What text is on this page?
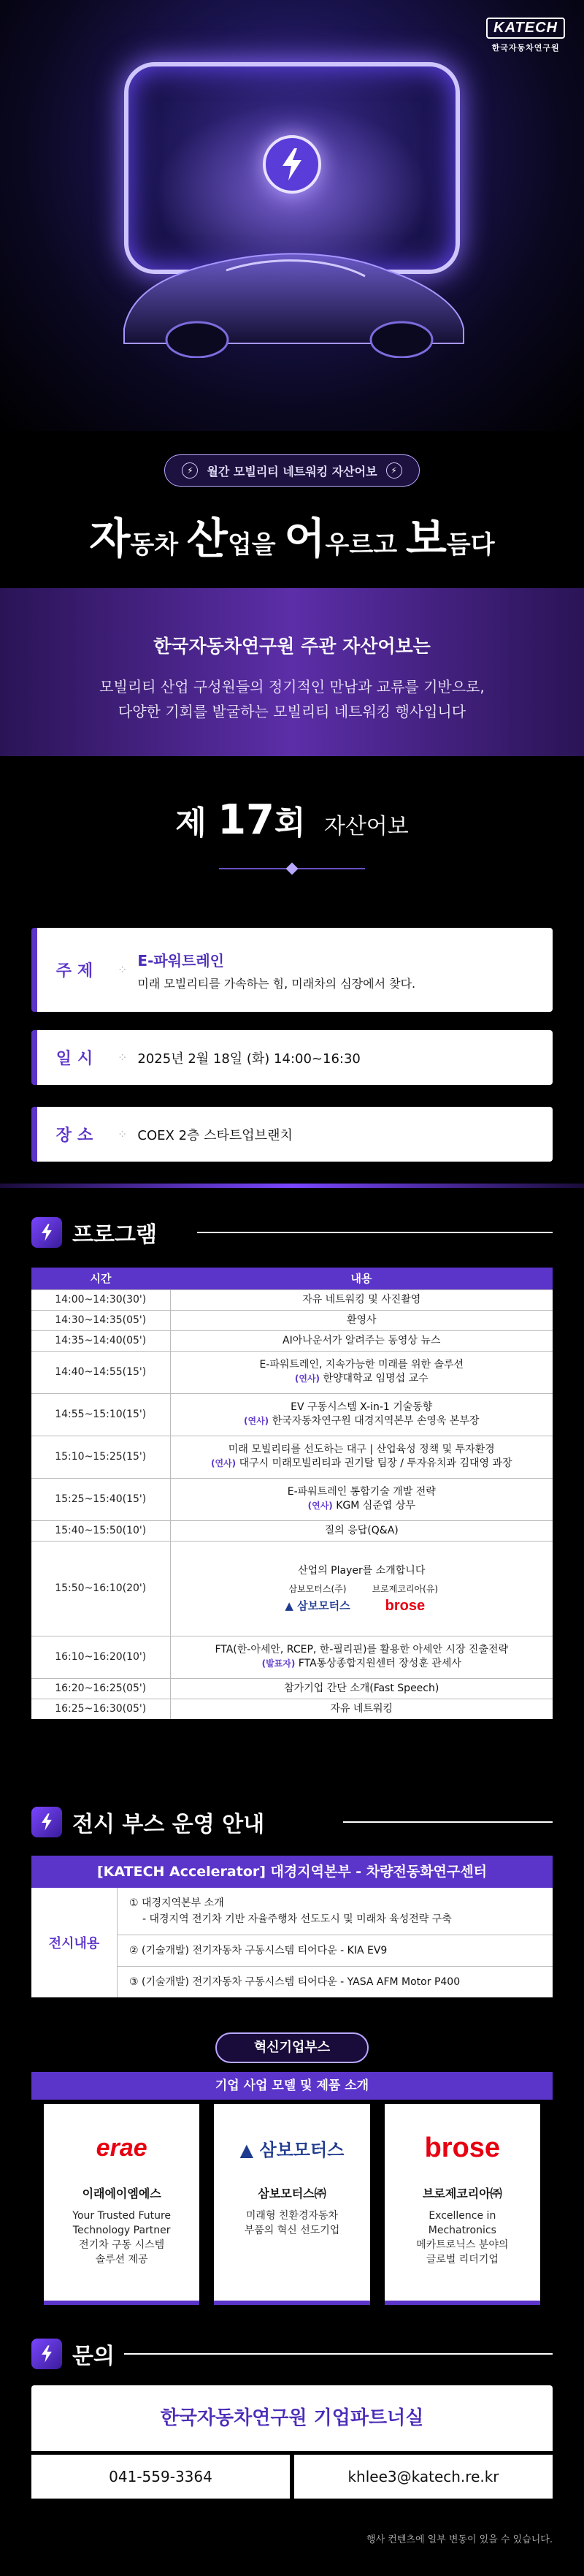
KATECH
한국자동차연구원
⚡	월간 모빌리티 네트워킹 자산어보	⚡
자동차 산업을 어우르고 보듬다
한국자동차연구원 주관 자산어보는
모빌리티 산업 구성원들의 정기적인 만남과 교류를 기반으로,
다양한 기회를 발굴하는 모빌리티 네트워킹 행사입니다
제 17회 자산어보
주제	⁘
E-파워트레인
미래 모빌리티를 가속하는 힘, 미래차의 심장에서 찾다.
일시	⁘ 2025년 2월 18일 (화) 14:00~16:30
장소	⁘ COEX 2층 스타트업브랜치
프로그램
시간	내용
14:00~14:30(30')	자유 네트워킹 및 사진촬영
14:30~14:35(05')	환영사
14:35~14:40(05')	AI아나운서가 알려주는 동영상 뉴스
14:40~14:55(15')	E-파워트레인, 지속가능한 미래를 위한 솔루션
(연사) 한양대학교 임명섭 교수

14:55~15:10(15')	EV 구동시스템 X-in-1 기술동향
(연사) 한국자동차연구원 대경지역본부 손영욱 본부장

15:10~15:25(15')	미래 모빌리티를 선도하는 대구 | 산업육성 정책 및 투자환경
(연사) 대구시 미래모빌리티과 권기탈 팀장 / 투자유치과 김대영 과장

15:25~15:40(15')	E-파워트레인 통합기술 개발 전략
(연사) KGM 심준엽 상무

15:40~15:50(10')	질의 응답(Q&A)
15:50~16:10(20')	산업의 Player를 소개합니다
삼보모터스(주)
▲ 삼보모터스
브로제코리아(유)
brose

16:10~16:20(10')	FTA(한-아세안, RCEP, 한-필리핀)를 활용한 아세안 시장 진출전략
(발표자) FTA통상종합지원센터 장성훈 관세사

16:20~16:25(05')	참가기업 간단 소개(Fast Speech)
16:25~16:30(05')	자유 네트워킹
전시 부스 운영 안내
[KATECH Accelerator] 대경지역본부 - 차량전동화연구센터
전시내용
① 대경지역본부 소개
- 대경지역 전기차 기반 자율주행차 선도도시 및 미래차 육성전략 구축
② (기술개발) 전기자동차 구동시스템 티어다운 - KIA EV9
③ (기술개발) 전기자동차 구동시스템 티어다운 - YASA AFM Motor P400
혁신기업부스
기업 사업 모델 및 제품 소개
erae
이래에이엠에스
Your Trusted Future
Technology Partner
전기차 구동 시스템
솔루션 제공
▲ 삼보모터스
삼보모터스㈜
미래형 친환경자동차
부품의 혁신 선도기업
brose
브로제코리아㈜
Excellence in
Mechatronics
메카트로닉스 분야의
글로벌 리더기업
문의
한국자동차연구원 기업파트너실
041-559-3364	khlee3@katech.re.kr
행사 컨텐츠에 일부 변동이 있을 수 있습니다.
